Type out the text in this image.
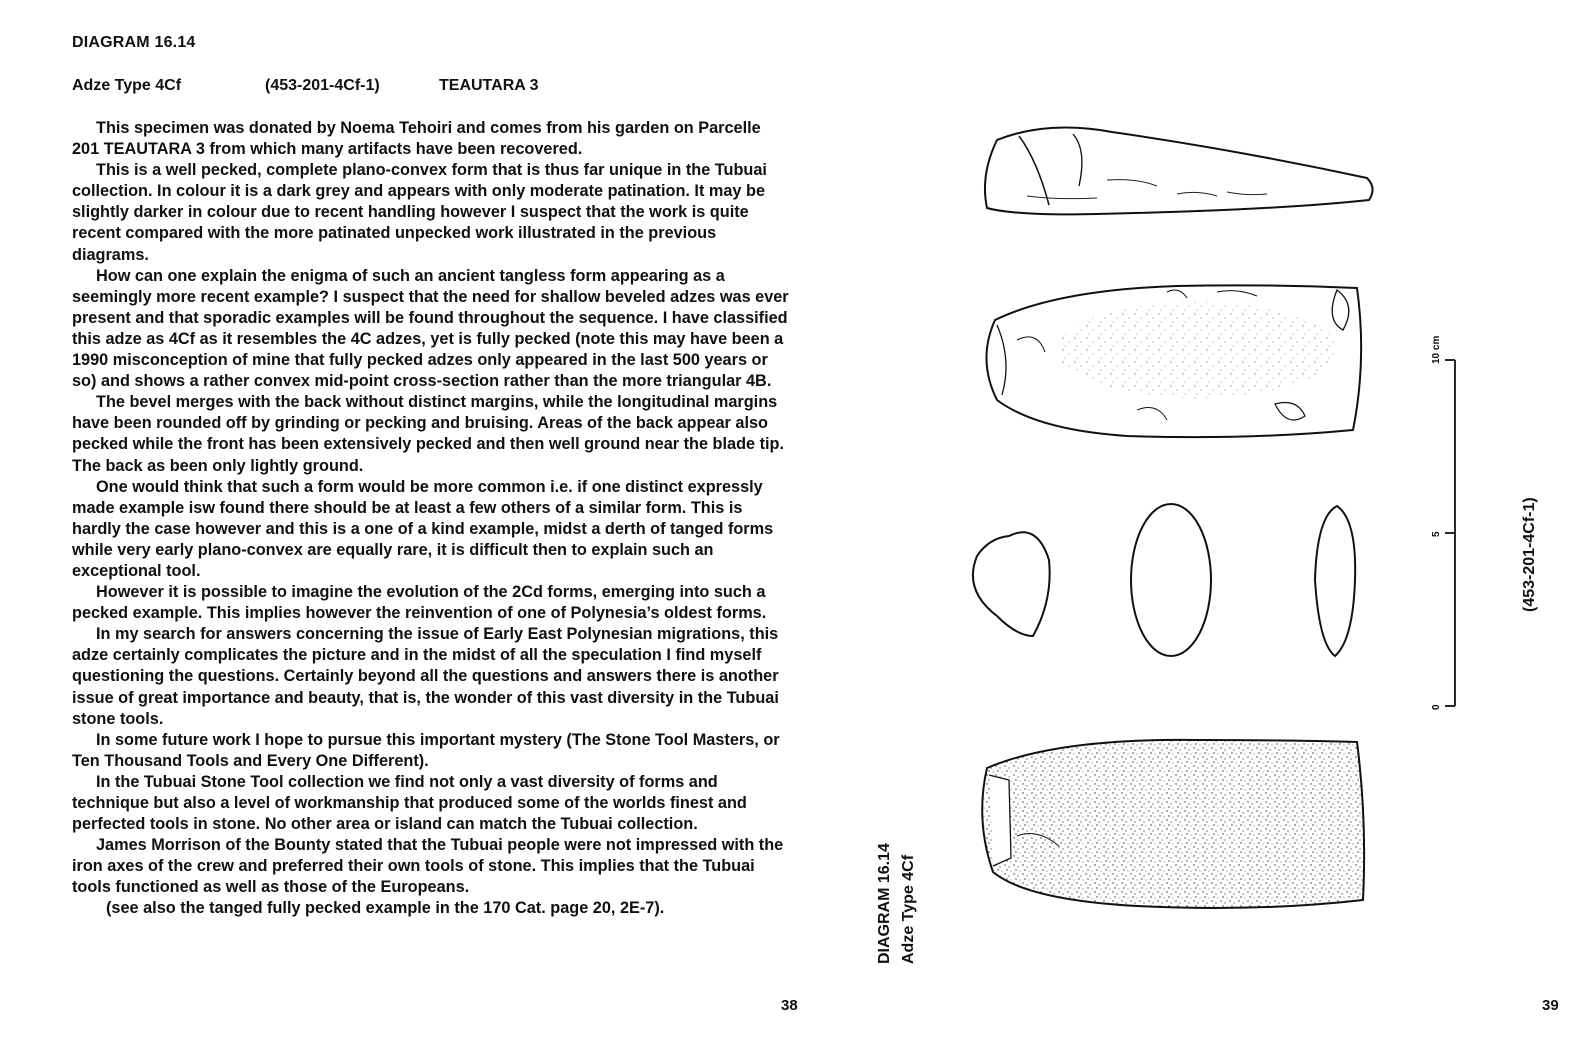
DIAGRAM 16.14
Adze Type 4Cf	(453-201-4Cf-1)	TEAUTARA 3

This specimen was donated by Noema Tehoiri and comes from his garden on Parcelle 201 TEAUTARA 3 from which many artifacts have been recovered.

This is a well pecked, complete plano-convex form that is thus far unique in the Tubuai collection. In colour it is a dark grey and appears with only moderate patination. It may be slightly darker in colour due to recent handling however I suspect that the work is quite recent compared with the more patinated unpecked work illustrated in the previous diagrams.

How can one explain the enigma of such an ancient tangless form appearing as a seemingly more recent example? I suspect that the need for shallow beveled adzes was ever present and that sporadic examples will be found throughout the sequence. I have classified this adze as 4Cf as it resembles the 4C adzes, yet is fully pecked (note this may have been a 1990 misconception of mine that fully pecked adzes only appeared in the last 500 years or so) and shows a rather convex mid-point cross-section rather than the more triangular 4B.

The bevel merges with the back without distinct margins, while the longitudinal margins have been rounded off by grinding or pecking and bruising. Areas of the back appear also pecked while the front has been extensively pecked and then well ground near the blade tip. The back as been only lightly ground.

One would think that such a form would be more common i.e. if one distinct expressly made example isw found there should be at least a few others of a similar form. This is hardly the case however and this is a one of a kind example, midst a derth of tanged forms while very early plano-convex are equally rare, it is difficult then to explain such an exceptional tool.

However it is possible to imagine the evolution of the 2Cd forms, emerging into such a pecked example. This implies however the reinvention of one of Polynesia’s oldest forms.

In my search for answers concerning the issue of Early East Polynesian migrations, this adze certainly complicates the picture and in the midst of all the speculation I find myself questioning the questions. Certainly beyond all the questions and answers there is another issue of great importance and beauty, that is, the wonder of this vast diversity in the Tubuai stone tools.

In some future work I hope to pursue this important mystery (The Stone Tool Masters, or Ten Thousand Tools and Every One Different).

In the Tubuai Stone Tool collection we find not only a vast diversity of forms and technique but also a level of workmanship that produced some of the worlds finest and perfected tools in stone. No other area or island can match the Tubuai collection.

James Morrison of the Bounty stated that the Tubuai people were not impressed with the iron axes of the crew and preferred their own tools of stone. This implies that the Tubuai tools functioned as well as those of the Europeans.

(see also the tanged fully pecked example in the 170 Cat. page 20, 2E-7).

38
10 cm
5
0
(453-201-4Cf-1)
DIAGRAM 16.14 Adze Type 4Cf
39
